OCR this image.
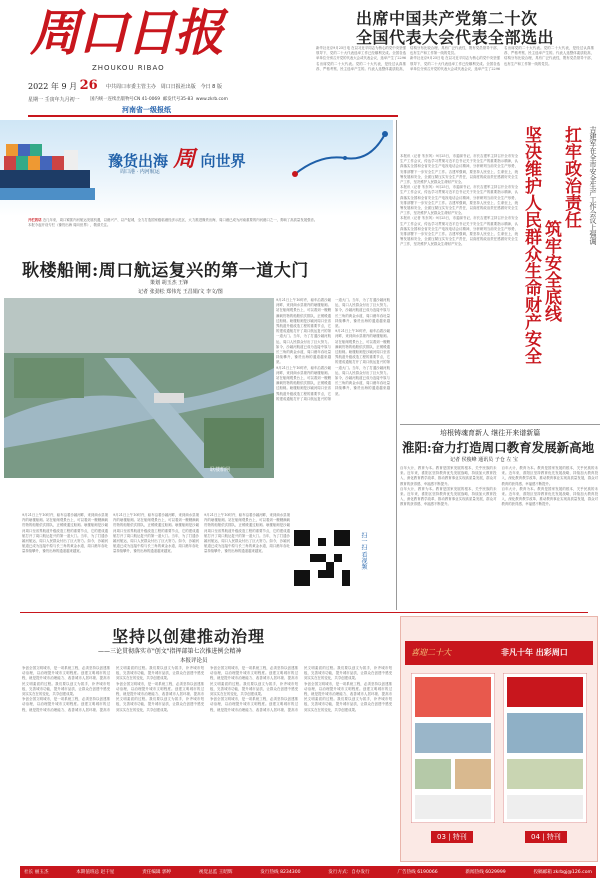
周口日报
ZHOUKOU RIBAO
2022 年 9 月 26 中共周口市委主管主办 周口日报社出版 今日 8 版
星期一 壬寅年九月初一 国内统一连续出版物号CN 41-0069 邮发代号35-83 www.zkrb.com
河南省一级报纸
出席中国共产党第二十次
全国代表大会代表全部选出
新华社北京9月25日电 在以习近平同志为核心的党中央坚强领导下，党的二十大代表选举工作已经顺利完成。全国各选举单位分别召开党的代表大会或代表会议，选举产生了2296名出席党的二十大代表。党的二十大代表，是经过认真推荐、严格考察、民主选举产生的。代表人选整体素质较高，结构分布比较合理，具有广泛代表性，既有党员领导干部，也有生产和工作第一线的党员。
新华社北京9月25日电 在以习近平同志为核心的党中央坚强领导下，党的二十大代表选举工作已经顺利完成。全国各选举单位分别召开党的代表大会或代表会议，选举产生了2296名出席党的二十大代表。党的二十大代表，是经过认真推荐、严格考察、民主选举产生的。代表人选整体素质较高，结构分布比较合理，具有广泛代表性，既有党员领导干部，也有生产和工作第一线的党员。
豫货出海 周 向世界
周口港 · 内河航运
开栏的话 近几年来，周口紧抓内河航运发展机遇，以港兴产、以产促城，全力打造国家级临港经济示范区，大力推进豫货出海，周口港已成为河南重要的内河港口之一，奏响了高质量发展强音。
本报今起开设专栏《豫货出海 周向世界》，敬请关注。
耿楼船闸:周口航运复兴的第一道大门
策划 胡玉杰 王锋
记者 张劲松 郑伟光 王昌娟/文 李文/图
耿楼船闸
9月21日上午10时许，驱车沿着沙颍河畔，来到商水县境内的耿楼船闸。站在船闸观景台上，可以看到一艘艘满载货物的船舶依次排队，正缓缓通过船闸。耿楼船闸是沙颍河周口至省界航道升级改造工程的重要节点，它的建成通航打开了周口航运复兴的第一道大门。当年，为了打通沙颍河航运，周口人民群众付出了巨大努力。如今，沙颍河航道已成为连接中原与长三角的黄金水道，周口港年吞吐量持续攀升，豫货出海的通道越来越宽。
9月21日上午10时许，驱车沿着沙颍河畔，来到商水县境内的耿楼船闸。站在船闸观景台上，可以看到一艘艘满载货物的船舶依次排队，正缓缓通过船闸。耿楼船闸是沙颍河周口至省界航道升级改造工程的重要节点，它的建成通航打开了周口航运复兴的第一道大门。当年，为了打通沙颍河航运，周口人民群众付出了巨大努力。如今，沙颍河航道已成为连接中原与长三角的黄金水道，周口港年吞吐量持续攀升，豫货出海的通道越来越宽。
9月21日上午10时许，驱车沿着沙颍河畔，来到商水县境内的耿楼船闸。站在船闸观景台上，可以看到一艘艘满载货物的船舶依次排队，正缓缓通过船闸。耿楼船闸是沙颍河周口至省界航道升级改造工程的重要节点，它的建成通航打开了周口航运复兴的第一道大门。当年，为了打通沙颍河航运，周口人民群众付出了巨大努力。如今，沙颍河航道已成为连接中原与长三角的黄金水道，周口港年吞吐量持续攀升，豫货出海的通道越来越宽。
9月21日上午10时许，驱车沿着沙颍河畔，来到商水县境内的耿楼船闸。站在船闸观景台上，可以看到一艘艘满载货物的船舶依次排队，正缓缓通过船闸。耿楼船闸是沙颍河周口至省界航道升级改造工程的重要节点，它的建成通航打开了周口航运复兴的第一道大门。当年，为了打通沙颍河航运，周口人民群众付出了巨大努力。如今，沙颍河航道已成为连接中原与长三角的黄金水道，周口港年吞吐量持续攀升，豫货出海的通道越来越宽。
9月21日上午10时许，驱车沿着沙颍河畔，来到商水县境内的耿楼船闸。站在船闸观景台上，可以看到一艘艘满载货物的船舶依次排队，正缓缓通过船闸。耿楼船闸是沙颍河周口至省界航道升级改造工程的重要节点，它的建成通航打开了周口航运复兴的第一道大门。当年，为了打通沙颍河航运，周口人民群众付出了巨大努力。如今，沙颍河航道已成为连接中原与长三角的黄金水道，周口港年吞吐量持续攀升，豫货出海的通道越来越宽。
9月21日上午10时许，驱车沿着沙颍河畔，来到商水县境内的耿楼船闸。站在船闸观景台上，可以看到一艘艘满载货物的船舶依次排队，正缓缓通过船闸。耿楼船闸是沙颍河周口至省界航道升级改造工程的重要节点，它的建成通航打开了周口航运复兴的第一道大门。当年，为了打通沙颍河航运，周口人民群众付出了巨大努力。如今，沙颍河航道已成为连接中原与长三角的黄金水道，周口港年吞吐量持续攀升，豫货出海的通道越来越宽。	扫一扫 看视频
吉建军在全市安全生产工作会议上强调
扛牢政治责任
筑牢安全底线
坚决维护人民群众生命财产安全
本报讯（记者 朱东风）9月25日，市委副书记、市长吉建军主持召开全市安全生产工作会议，传达学习贯彻习近平总书记关于安全生产的重要指示精神，认真落实全国和全省安全生产电视电话会议精神，分析研判当前安全生产形势，安排部署下一步安全生产工作。吉建军强调，要坚持人民至上、生命至上，统筹发展和安全，全面压紧压实安全生产责任，以高度的政治责任感做好安全生产工作，坚决维护人民群众生命财产安全。
本报讯（记者 朱东风）9月25日，市委副书记、市长吉建军主持召开全市安全生产工作会议，传达学习贯彻习近平总书记关于安全生产的重要指示精神，认真落实全国和全省安全生产电视电话会议精神，分析研判当前安全生产形势，安排部署下一步安全生产工作。吉建军强调，要坚持人民至上、生命至上，统筹发展和安全，全面压紧压实安全生产责任，以高度的政治责任感做好安全生产工作，坚决维护人民群众生命财产安全。
本报讯（记者 朱东风）9月25日，市委副书记、市长吉建军主持召开全市安全生产工作会议，传达学习贯彻习近平总书记关于安全生产的重要指示精神，认真落实全国和全省安全生产电视电话会议精神，分析研判当前安全生产形势，安排部署下一步安全生产工作。吉建军强调，要坚持人民至上、生命至上，统筹发展和安全，全面压紧压实安全生产责任，以高度的政治责任感做好安全生产工作，坚决维护人民群众生命财产安全。
培根铸魂育新人 继往开来谱新篇
淮阳:奋力打造周口教育发展新高地
记者 侯俊峰 通讯员 子仓 左 宝
百年大计，教育为本。教育是国家发展的根本，关乎民族的未来。近年来，淮阳区坚持教育优先发展战略，持续加大教育投入，深化教育教学改革，推动教育事业实现高质量发展，群众对教育的获得感、幸福感不断提升。
百年大计，教育为本。教育是国家发展的根本，关乎民族的未来。近年来，淮阳区坚持教育优先发展战略，持续加大教育投入，深化教育教学改革，推动教育事业实现高质量发展，群众对教育的获得感、幸福感不断提升。
百年大计，教育为本。教育是国家发展的根本，关乎民族的未来。近年来，淮阳区坚持教育优先发展战略，持续加大教育投入，深化教育教学改革，推动教育事业实现高质量发展，群众对教育的获得感、幸福感不断提升。
百年大计，教育为本。教育是国家发展的根本，关乎民族的未来。近年来，淮阳区坚持教育优先发展战略，持续加大教育投入，深化教育教学改革，推动教育事业实现高质量发展，群众对教育的获得感、幸福感不断提升。
坚持以创建推动治理
——三论贯彻落实市"创文"指挥部第七次推进例会精神
本报评论员
争创全国文明城市，是一项系统工程，必须坚持以创建推动治理，以治理提升城市文明程度。创建文明城市的过程，就是提升城市治理能力、改善城市人居环境、提高市民文明素质的过程。我们要以创文为抓手，补齐城市短板，完善城市功能，提升城市品质，让群众在创建中感受到实实在在的变化，共享创建成果。
争创全国文明城市，是一项系统工程，必须坚持以创建推动治理，以治理提升城市文明程度。创建文明城市的过程，就是提升城市治理能力、改善城市人居环境、提高市民文明素质的过程。我们要以创文为抓手，补齐城市短板，完善城市功能，提升城市品质，让群众在创建中感受到实实在在的变化，共享创建成果。
争创全国文明城市，是一项系统工程，必须坚持以创建推动治理，以治理提升城市文明程度。创建文明城市的过程，就是提升城市治理能力、改善城市人居环境、提高市民文明素质的过程。我们要以创文为抓手，补齐城市短板，完善城市功能，提升城市品质，让群众在创建中感受到实实在在的变化，共享创建成果。
争创全国文明城市，是一项系统工程，必须坚持以创建推动治理，以治理提升城市文明程度。创建文明城市的过程，就是提升城市治理能力、改善城市人居环境、提高市民文明素质的过程。我们要以创文为抓手，补齐城市短板，完善城市功能，提升城市品质，让群众在创建中感受到实实在在的变化，共享创建成果。
争创全国文明城市，是一项系统工程，必须坚持以创建推动治理，以治理提升城市文明程度。创建文明城市的过程，就是提升城市治理能力、改善城市人居环境、提高市民文明素质的过程。我们要以创文为抓手，补齐城市短板，完善城市功能，提升城市品质，让群众在创建中感受到实实在在的变化，共享创建成果。
争创全国文明城市，是一项系统工程，必须坚持以创建推动治理，以治理提升城市文明程度。创建文明城市的过程，就是提升城市治理能力、改善城市人居环境、提高市民文明素质的过程。我们要以创文为抓手，补齐城市短板，完善城市功能，提升城市品质，让群众在创建中感受到实实在在的变化，共享创建成果。
喜迎二十大	非凡十年 出彩周口
03 | 特刊	04 | 特刊
社长 丽玉杰	本期值班总 赵干星	责任编辑 郭婷	视觉总监 王昭辉	发行热线 8234300	发行方式：自办发行	广告热线 6190066	新闻热线 6029999	投稿邮箱 zkrbgj@126.com
